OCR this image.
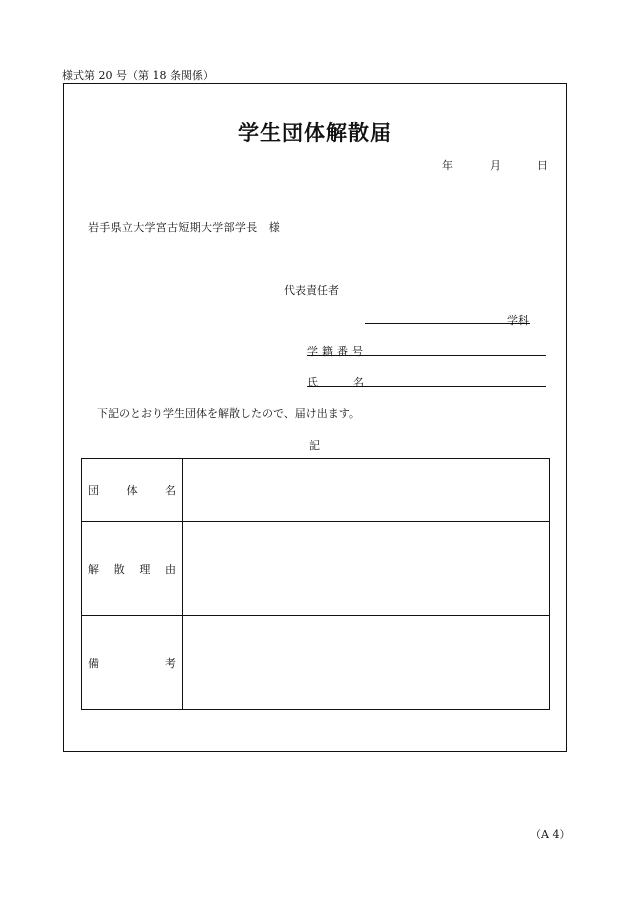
様式第 20 号（第 18 条関係）
学生団体解散届
年	月	日
岩手県立大学宮古短期大学部学長　様
代表責任者
学科
学 籍 番 号
氏	名
下記のとおり学生団体を解散したので、届け出ます。
記
団 体 名	

解 散 理 由	

備 考	

（A 4）
